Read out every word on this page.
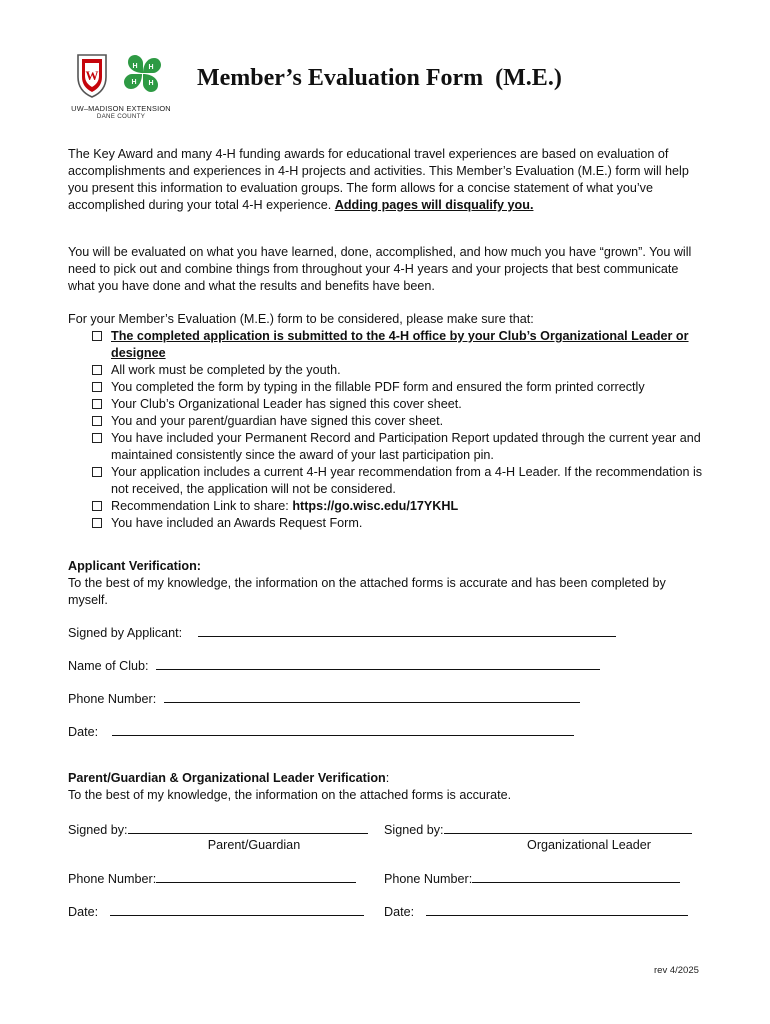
W
H H
H
H
UW–MADISON EXTENSION
DANE COUNTY
Member’s Evaluation Form  (M.E.)
The Key Award and many 4-H funding awards for educational travel experiences are based on evaluation of accomplishments and experiences in 4-H projects and activities. This Member’s Evaluation (M.E.) form will help you present this information to evaluation groups. The form allows for a concise statement of what you’ve accomplished during your total 4-H experience. Adding pages will disqualify you.
You will be evaluated on what you have learned, done, accomplished, and how much you have “grown”. You will need to pick out and combine things from throughout your 4-H years and your projects that best communicate what you have done and what the results and benefits have been.
For your Member’s Evaluation (M.E.) form to be considered, please make sure that:
The completed application is submitted to the 4-H office by your Club’s Organizational Leader or designee
All work must be completed by the youth.
You completed the form by typing in the fillable PDF form and ensured the form printed correctly
Your Club’s Organizational Leader has signed this cover sheet.
You and your parent/guardian have signed this cover sheet.
You have included your Permanent Record and Participation Report updated through the current year and maintained consistently since the award of your last participation pin.
Your application includes a current 4-H year recommendation from a 4-H Leader. If the recommendation is not received, the application will not be considered.
Recommendation Link to share: https://go.wisc.edu/17YKHL
You have included an Awards Request Form.
Applicant Verification:
To the best of my knowledge, the information on the attached forms is accurate and has been completed by myself.
Signed by Applicant:
Name of Club:
Phone Number:
Date:
Parent/Guardian & Organizational Leader Verification:
To the best of my knowledge, the information on the attached forms is accurate.
Signed by:	Signed by:
Parent/Guardian	Organizational Leader
Phone Number:	Phone Number:
Date:	Date:
rev 4/2025
